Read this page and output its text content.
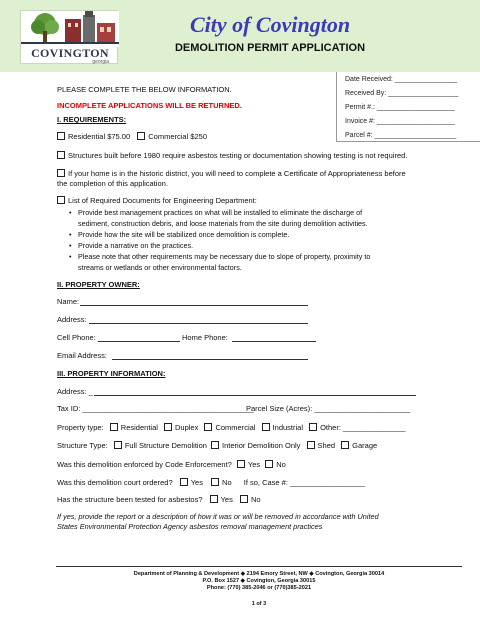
COVINGTON
georgia
City of Covington
DEMOLITION PERMIT APPLICATION
Date Received: ________________
Received By: __________________
Permit #.: ____________________
Invoice #: ____________________
Parcel #: _____________________
PLEASE COMPLETE THE BELOW INFORMATION.
INCOMPLETE APPLICATIONS WILL BE RETURNED.
I. REQUIREMENTS:
Residential $75.00 Commercial $250
Structures built before 1980 require asbestos testing or documentation showing testing is not required.
If your home is in the historic district, you will need to complete a Certificate of Appropriateness before
the completion of this application.
List of Required Documents for Engineering Department:
• Provide best management practices on what will be installed to eliminate the discharge of
sediment, construction debris, and loose materials from the site during demolition activities.
• Provide how the site will be stabilized once demolition is complete.
• Provide a narrative on the practices.
• Please note that other requirements may be necessary due to slope of property, proximity to
streams or wetlands or other environmental factors.
II. PROPERTY OWNER:
Name:
Address:
Cell Phone:	Home Phone:
Email Address:
III. PROPERTY INFORMATION:
Address: _
Tax ID: _________________________________________
Parcel Size (Acres): _______________________
Property type: Residential Duplex Commercial Industrial Other: _______________
Structure Type: Full Structure Demolition Interior Demolition Only Shed Garage
Was this demolition enforced by Code Enforcement? Yes No
Was this demolition court ordered? Yes	No If so, Case #: __________________
Has the structure been tested for asbestos? Yes No
If yes, provide the report or a description of how it was or will be removed in accordance with United
States Environmental Protection Agency asbestos removal management practices
Department of Planning & Development ◆ 2194 Emory Street, NW ◆ Covington, Georgia 30014
P.O. Box 1527 ◆ Covington, Georgia 30015
Phone: (770) 385-2046 or (770)385-2021
1 of 3
